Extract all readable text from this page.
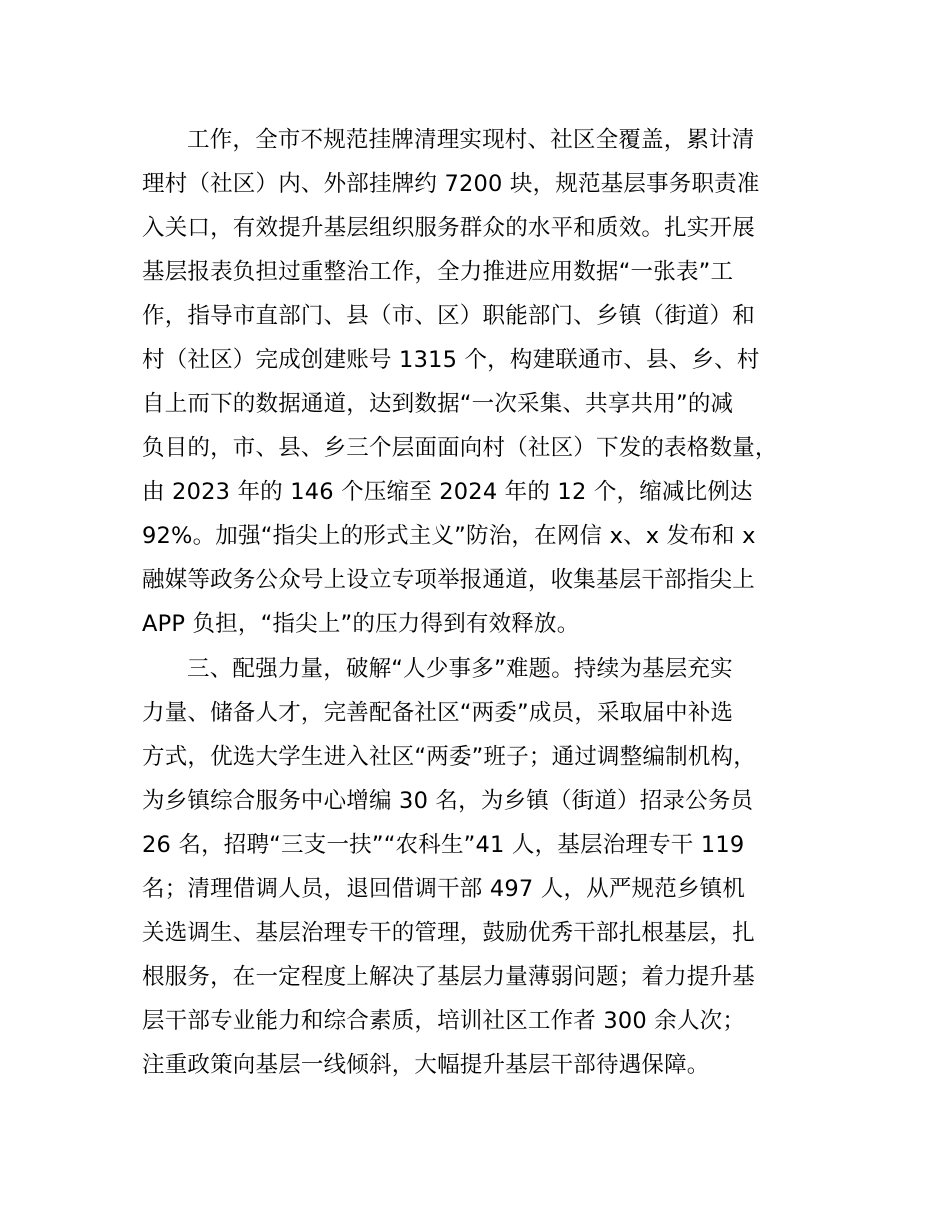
工作，全市不规范挂牌清理实现村、社区全覆盖，累计清
理村（社区）内、外部挂牌约 7200 块，规范基层事务职责准
入关口，有效提升基层组织服务群众的水平和质效。扎实开展
基层报表负担过重整治工作，全力推进应用数据“一张表”工
作，指导市直部门、县（市、区）职能部门、乡镇（街道）和
村（社区）完成创建账号 1315 个，构建联通市、县、乡、村
自上而下的数据通道，达到数据“一次采集、共享共用”的减
负目的，市、县、乡三个层面面向村（社区）下发的表格数量，
由 2023 年的 146 个压缩至 2024 年的 12 个，缩减比例达
92%。加强“指尖上的形式主义”防治，在网信 x、x 发布和 x
融媒等政务公众号上设立专项举报通道，收集基层干部指尖上
APP 负担，“指尖上”的压力得到有效释放。
三、配强力量，破解“人少事多”难题。持续为基层充实
力量、储备人才，完善配备社区“两委”成员，采取届中补选
方式，优选大学生进入社区“两委”班子；通过调整编制机构，
为乡镇综合服务中心增编 30 名，为乡镇（街道）招录公务员
26 名，招聘“三支一扶”“农科生”41 人，基层治理专干 119
名；清理借调人员，退回借调干部 497 人，从严规范乡镇机
关选调生、基层治理专干的管理，鼓励优秀干部扎根基层，扎
根服务，在一定程度上解决了基层力量薄弱问题；着力提升基
层干部专业能力和综合素质，培训社区工作者 300 余人次；
注重政策向基层一线倾斜，大幅提升基层干部待遇保障。
